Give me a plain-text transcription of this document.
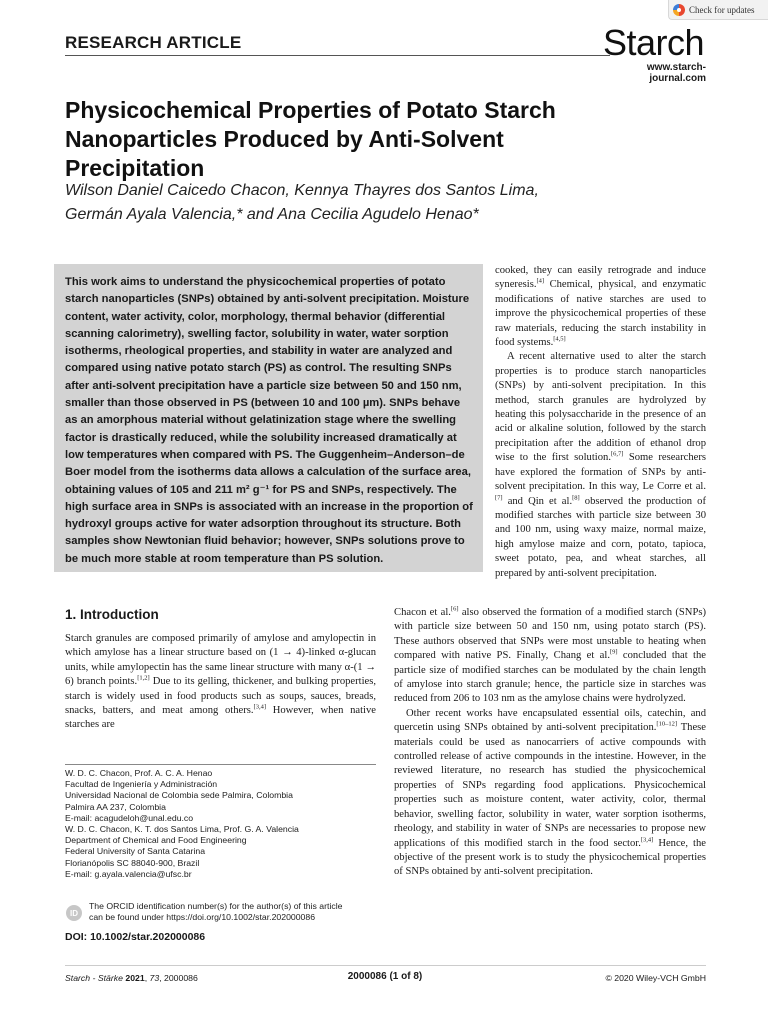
Check for updates
RESEARCH ARTICLE	Starch
www.starch-journal.com
Physicochemical Properties of Potato Starch Nanoparticles Produced by Anti-Solvent Precipitation
Wilson Daniel Caicedo Chacon, Kennya Thayres dos Santos Lima,
Germán Ayala Valencia,* and Ana Cecilia Agudelo Henao*
This work aims to understand the physicochemical properties of potato starch nanoparticles (SNPs) obtained by anti-solvent precipitation. Moisture content, water activity, color, morphology, thermal behavior (differential scanning calorimetry), swelling factor, solubility in water, water sorption isotherms, rheological properties, and stability in water are analyzed and compared using native potato starch (PS) as control. The resulting SNPs after anti-solvent precipitation have a particle size between 50 and 150 nm, smaller than those observed in PS (between 10 and 100 µm). SNPs behave as an amorphous material without gelatinization stage where the swelling factor is drastically reduced, while the solubility increased dramatically at low temperatures when compared with PS. The Guggenheim–Anderson–de Boer model from the isotherms data allows a calculation of the surface area, obtaining values of 105 and 211 m² g⁻¹ for PS and SNPs, respectively. The high surface area in SNPs is associated with an increase in the proportion of hydroxyl groups active for water adsorption throughout its structure. Both samples show Newtonian fluid behavior; however, SNPs solutions prove to be much more stable at room temperature than PS solution.

cooked, they can easily retrograde and induce syneresis.[4] Chemical, physical, and enzymatic modifications of native starches are used to improve the physicochemical properties of these raw materials, reducing the starch instability in food systems.[4,5]

A recent alternative used to alter the starch properties is to produce starch nanoparticles (SNPs) by anti-solvent precipitation. In this method, starch granules are hydrolyzed by heating this polysaccharide in the presence of an acid or alkaline solution, followed by the starch precipitation after the addition of ethanol drop wise to the first solution.[6,7] Some researchers have explored the formation of SNPs by anti-solvent precipitation. In this way, Le Corre et al.[7] and Qin et al.[8] observed the production of modified starches with particle size between 30 and 100 nm, using waxy maize, normal maize, high amylose maize and corn, potato, tapioca, sweet potato, pea, and wheat starches, all prepared by anti-solvent precipitation.

Chacon et al.[6] also observed the formation of a modified starch (SNPs) with particle size between 50 and 150 nm, using potato starch (PS). These authors observed that SNPs were most unstable to heating when compared with native PS. Finally, Chang et al.[9] concluded that the particle size of modified starches can be modulated by the chain length of amylose into starch granule; hence, the particle size in starches was reduced from 206 to 103 nm as the amylose chains were hydrolyzed.

Other recent works have encapsulated essential oils, catechin, and quercetin using SNPs obtained by anti-solvent precipitation.[10–12] These materials could be used as nanocarriers of active compounds with controlled release of active compounds in the intestine. However, in the reviewed literature, no research has studied the physicochemical properties of SNPs regarding food applications. Physicochemical properties such as moisture content, water activity, color, thermal behavior, swelling factor, solubility in water, water sorption isotherms, rheology, and stability in water of SNPs are necessaries to propose new applications of this modified starch in the food sector.[3,4] Hence, the objective of the present work is to study the physicochemical properties of SNPs obtained by anti-solvent precipitation.

1. Introduction

Starch granules are composed primarily of amylose and amylopectin in which amylose has a linear structure based on (1 → 4)-linked α-glucan units, while amylopectin has the same linear structure with many α-(1 → 6) branch points.[1,2] Due to its gelling, thickener, and bulking properties, starch is widely used in food products such as soups, sauces, breads, snacks, batters, and meat among others.[3,4] However, when native starches are

W. D. C. Chacon, Prof. A. C. A. Henao
Facultad de Ingeniería y Administración
Universidad Nacional de Colombia sede Palmira, Colombia
Palmira AA 237, Colombia
E-mail: acagudeloh@unal.edu.co
W. D. C. Chacon, K. T. dos Santos Lima, Prof. G. A. Valencia
Department of Chemical and Food Engineering
Federal University of Santa Catarina
Florianópolis SC 88040-900, Brazil
E-mail: g.ayala.valencia@ufsc.br
ID
The ORCID identification number(s) for the author(s) of this article
can be found under https://doi.org/10.1002/star.202000086
DOI: 10.1002/star.202000086
Starch - Stärke 2021, 73, 2000086	2000086 (1 of 8)	© 2020 Wiley-VCH GmbH
